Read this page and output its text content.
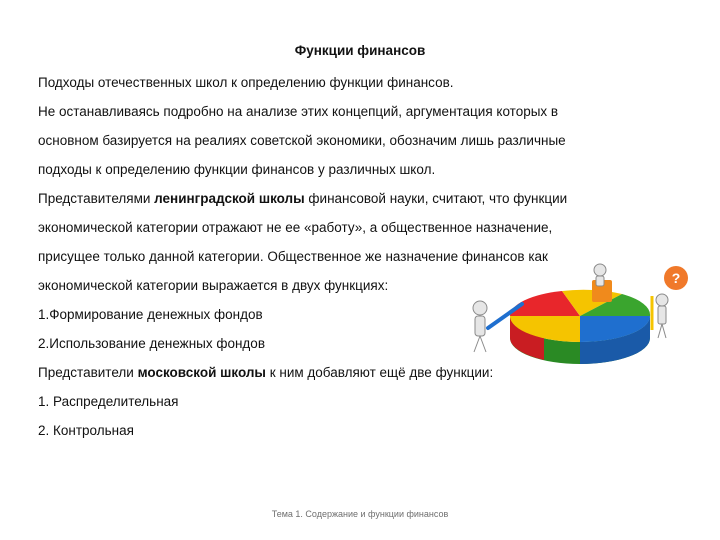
Функции финансов
Подходы отечественных школ к определению функции финансов.
Не останавливаясь подробно на анализе этих концепций, аргументация которых в
основном базируется на реалиях советской экономики, обозначим лишь различные
подходы к определению функции финансов у различных школ.
Представителями ленинградской школы финансовой науки, считают, что функции
экономической категории отражают не ее «работу», а общественное назначение,
присущее только данной категории. Общественное же назначение финансов как
экономической категории выражается в двух функциях:
1.Формирование денежных фондов
2.Использование денежных фондов
Представители московской школы к ним добавляют ещё две функции:
1. Распределительная
2. Контрольная
?
Тема 1. Содержание и функции финансов
